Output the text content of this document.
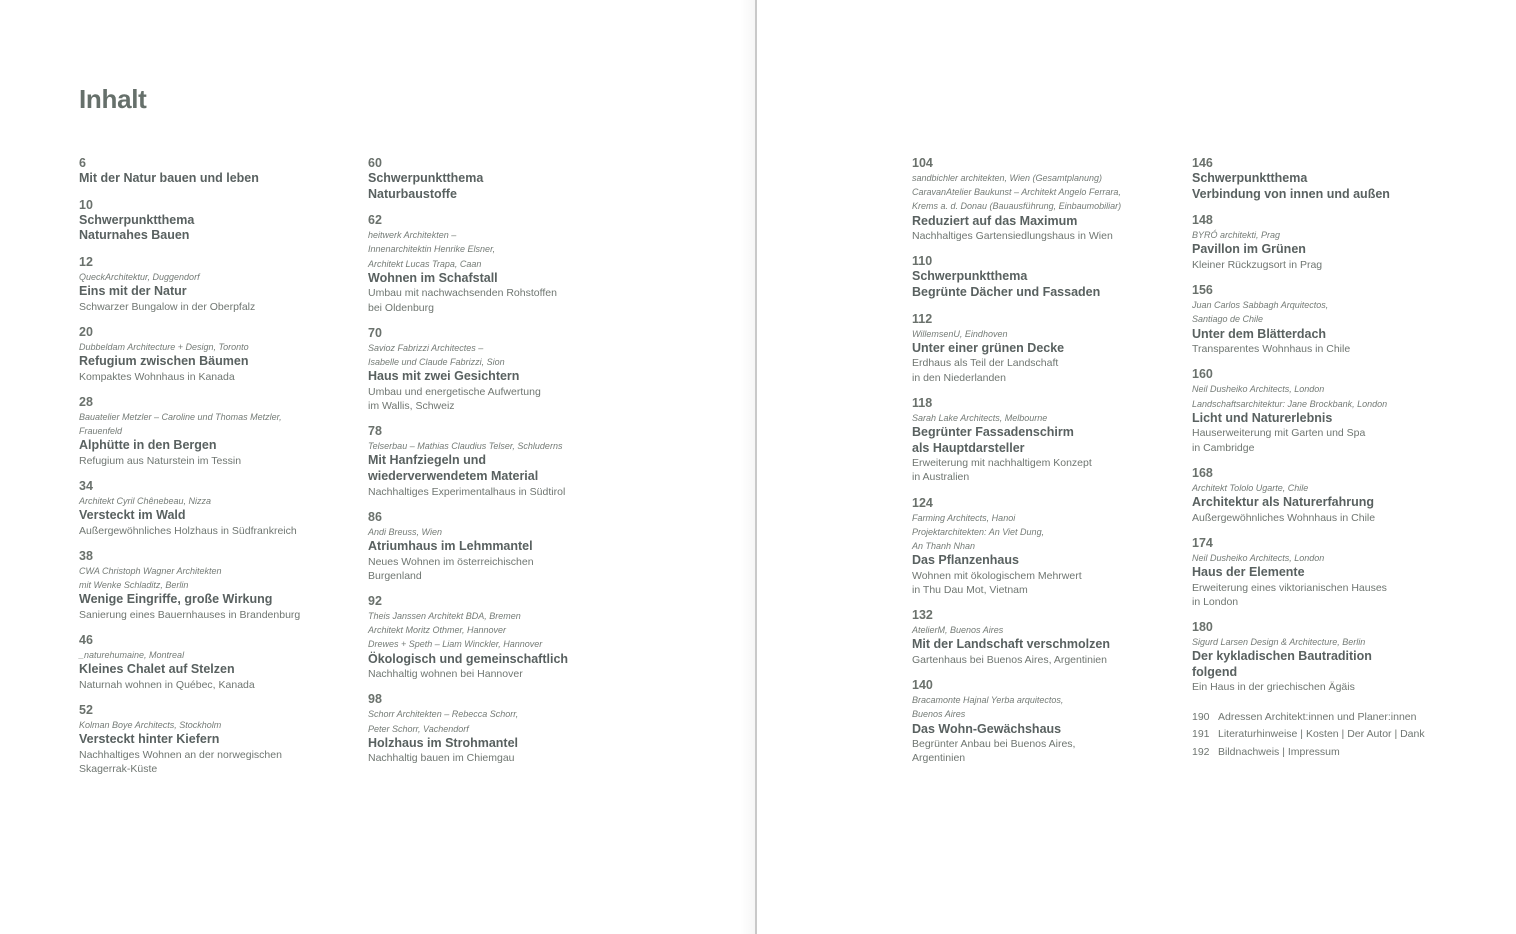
Inhalt
6
Mit der Natur bauen und leben
10
Schwerpunktthema
Naturnahes Bauen
12
QueckArchitektur, Duggendorf
Eins mit der Natur
Schwarzer Bungalow in der Oberpfalz
20
Dubbeldam Architecture + Design, Toronto
Refugium zwischen Bäumen
Kompaktes Wohnhaus in Kanada
28
Bauatelier Metzler – Caroline und Thomas Metzler,
Frauenfeld
Alphütte in den Bergen
Refugium aus Naturstein im Tessin
34
Architekt Cyril Chênebeau, Nizza
Versteckt im Wald
Außergewöhnliches Holzhaus in Südfrankreich
38
CWA Christoph Wagner Architekten
mit Wenke Schladitz, Berlin
Wenige Eingriffe, große Wirkung
Sanierung eines Bauernhauses in Brandenburg
46
_naturehumaine, Montreal
Kleines Chalet auf Stelzen
Naturnah wohnen in Québec, Kanada
52
Kolman Boye Architects, Stockholm
Versteckt hinter Kiefern
Nachhaltiges Wohnen an der norwegischen
Skagerrak-Küste
60
Schwerpunktthema
Naturbaustoffe
62
heitwerk Architekten –
Innenarchitektin Henrike Elsner,
Architekt Lucas Trapa, Caan
Wohnen im Schafstall
Umbau mit nachwachsenden Rohstoffen
bei Oldenburg
70
Savioz Fabrizzi Architectes –
Isabelle und Claude Fabrizzi, Sion
Haus mit zwei Gesichtern
Umbau und energetische Aufwertung
im Wallis, Schweiz
78
Telserbau – Mathias Claudius Telser, Schluderns
Mit Hanfziegeln und
wiederverwendetem Material
Nachhaltiges Experimentalhaus in Südtirol
86
Andi Breuss, Wien
Atriumhaus im Lehmmantel
Neues Wohnen im österreichischen
Burgenland
92
Theis Janssen Architekt BDA, Bremen
Architekt Moritz Othmer, Hannover
Drewes + Speth – Liam Winckler, Hannover
Ökologisch und gemeinschaftlich
Nachhaltig wohnen bei Hannover
98
Schorr Architekten – Rebecca Schorr,
Peter Schorr, Vachendorf
Holzhaus im Strohmantel
Nachhaltig bauen im Chiemgau
104
sandbichler architekten, Wien (Gesamtplanung)
CaravanAtelier Baukunst – Architekt Angelo Ferrara,
Krems a. d. Donau (Bauausführung, Einbaumobiliar)
Reduziert auf das Maximum
Nachhaltiges Gartensiedlungshaus in Wien
110
Schwerpunktthema
Begrünte Dächer und Fassaden
112
WillemsenU, Eindhoven
Unter einer grünen Decke
Erdhaus als Teil der Landschaft
in den Niederlanden
118
Sarah Lake Architects, Melbourne
Begrünter Fassadenschirm
als Hauptdarsteller
Erweiterung mit nachhaltigem Konzept
in Australien
124
Farming Architects, Hanoi
Projektarchitekten: An Viet Dung,
An Thanh Nhan
Das Pflanzenhaus
Wohnen mit ökologischem Mehrwert
in Thu Dau Mot, Vietnam
132
AtelierM, Buenos Aires
Mit der Landschaft verschmolzen
Gartenhaus bei Buenos Aires, Argentinien
140
Bracamonte Hajnal Yerba arquitectos,
Buenos Aires
Das Wohn-Gewächshaus
Begrünter Anbau bei Buenos Aires,
Argentinien
146
Schwerpunktthema
Verbindung von innen und außen
148
BYRÓ architekti, Prag
Pavillon im Grünen
Kleiner Rückzugsort in Prag
156
Juan Carlos Sabbagh Arquitectos,
Santiago de Chile
Unter dem Blätterdach
Transparentes Wohnhaus in Chile
160
Neil Dusheiko Architects, London
Landschaftsarchitektur: Jane Brockbank, London
Licht und Naturerlebnis
Hauserweiterung mit Garten und Spa
in Cambridge
168
Architekt Tololo Ugarte, Chile
Architektur als Naturerfahrung
Außergewöhnliches Wohnhaus in Chile
174
Neil Dusheiko Architects, London
Haus der Elemente
Erweiterung eines viktorianischen Hauses
in London
180
Sigurd Larsen Design & Architecture, Berlin
Der kykladischen Bautradition
folgend
Ein Haus in der griechischen Ägäis
190 Adressen Architekt:innen und Planer:innen
191 Literaturhinweise | Kosten | Der Autor | Dank
192 Bildnachweis | Impressum
